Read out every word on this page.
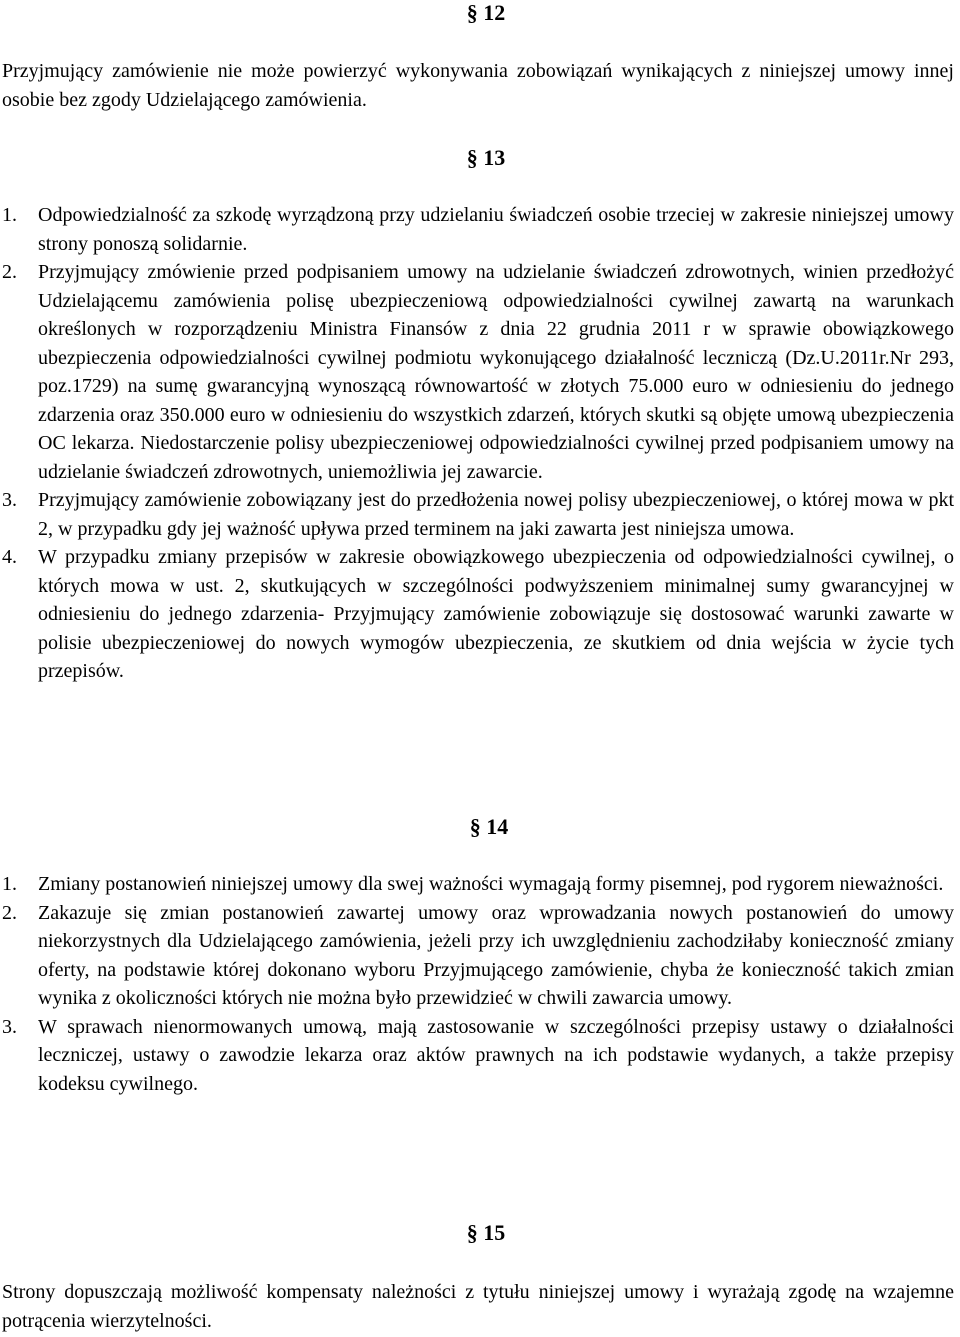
§ 12

Przyjmujący zamówienie nie może powierzyć wykonywania zobowiązań wynikających z niniejszej umowy innej osobie bez zgody Udzielającego zamówienia.

§ 13
1. Odpowiedzialność za szkodę wyrządzoną przy udzielaniu świadczeń osobie trzeciej w zakresie niniejszej umowy strony ponoszą solidarnie.
2. Przyjmujący zmówienie przed podpisaniem umowy na udzielanie świadczeń zdrowotnych, winien przedłożyć Udzielającemu zamówienia polisę ubezpieczeniową odpowiedzialności cywilnej zawartą na warunkach określonych w rozporządzeniu Ministra Finansów z dnia 22 grudnia 2011 r w sprawie obowiązkowego ubezpieczenia odpowiedzialności cywilnej podmiotu wykonującego działalność leczniczą (Dz.U.2011r.Nr 293, poz.1729) na sumę gwarancyjną wynoszącą równowartość w złotych 75.000 euro w odniesieniu do jednego zdarzenia oraz 350.000 euro w odniesieniu do wszystkich zdarzeń, których skutki są objęte umową ubezpieczenia OC lekarza. Niedostarczenie polisy ubezpieczeniowej odpowiedzialności cywilnej przed podpisaniem umowy na udzielanie świadczeń zdrowotnych, uniemożliwia jej zawarcie.
3. Przyjmujący zamówienie zobowiązany jest do przedłożenia nowej polisy ubezpieczeniowej, o której mowa w pkt 2, w przypadku gdy jej ważność upływa przed terminem na jaki zawarta jest niniejsza umowa.
4. W przypadku zmiany przepisów w zakresie obowiązkowego ubezpieczenia od odpowiedzialności cywilnej, o których mowa w ust. 2, skutkujących w szczególności podwyższeniem minimalnej sumy gwarancyjnej w odniesieniu do jednego zdarzenia- Przyjmujący zamówienie zobowiązuje się dostosować warunki zawarte w polisie ubezpieczeniowej do nowych wymogów ubezpieczenia, ze skutkiem od dnia wejścia w życie tych przepisów.
§ 14
1. Zmiany postanowień niniejszej umowy dla swej ważności wymagają formy pisemnej, pod rygorem nieważności.
2. Zakazuje się zmian postanowień zawartej umowy oraz wprowadzania nowych postanowień do umowy niekorzystnych dla Udzielającego zamówienia, jeżeli przy ich uwzględnieniu zachodziłaby konieczność zmiany oferty, na podstawie której dokonano wyboru Przyjmującego zamówienie, chyba że konieczność takich zmian wynika z okoliczności których nie można było przewidzieć w chwili zawarcia umowy.
3. W sprawach nienormowanych umową, mają zastosowanie w szczególności przepisy ustawy o działalności leczniczej, ustawy o zawodzie lekarza oraz aktów prawnych na ich podstawie wydanych, a także przepisy kodeksu cywilnego.
§ 15

Strony dopuszczają możliwość kompensaty należności z tytułu niniejszej umowy i wyrażają zgodę na wzajemne potrącenia wierzytelności.
